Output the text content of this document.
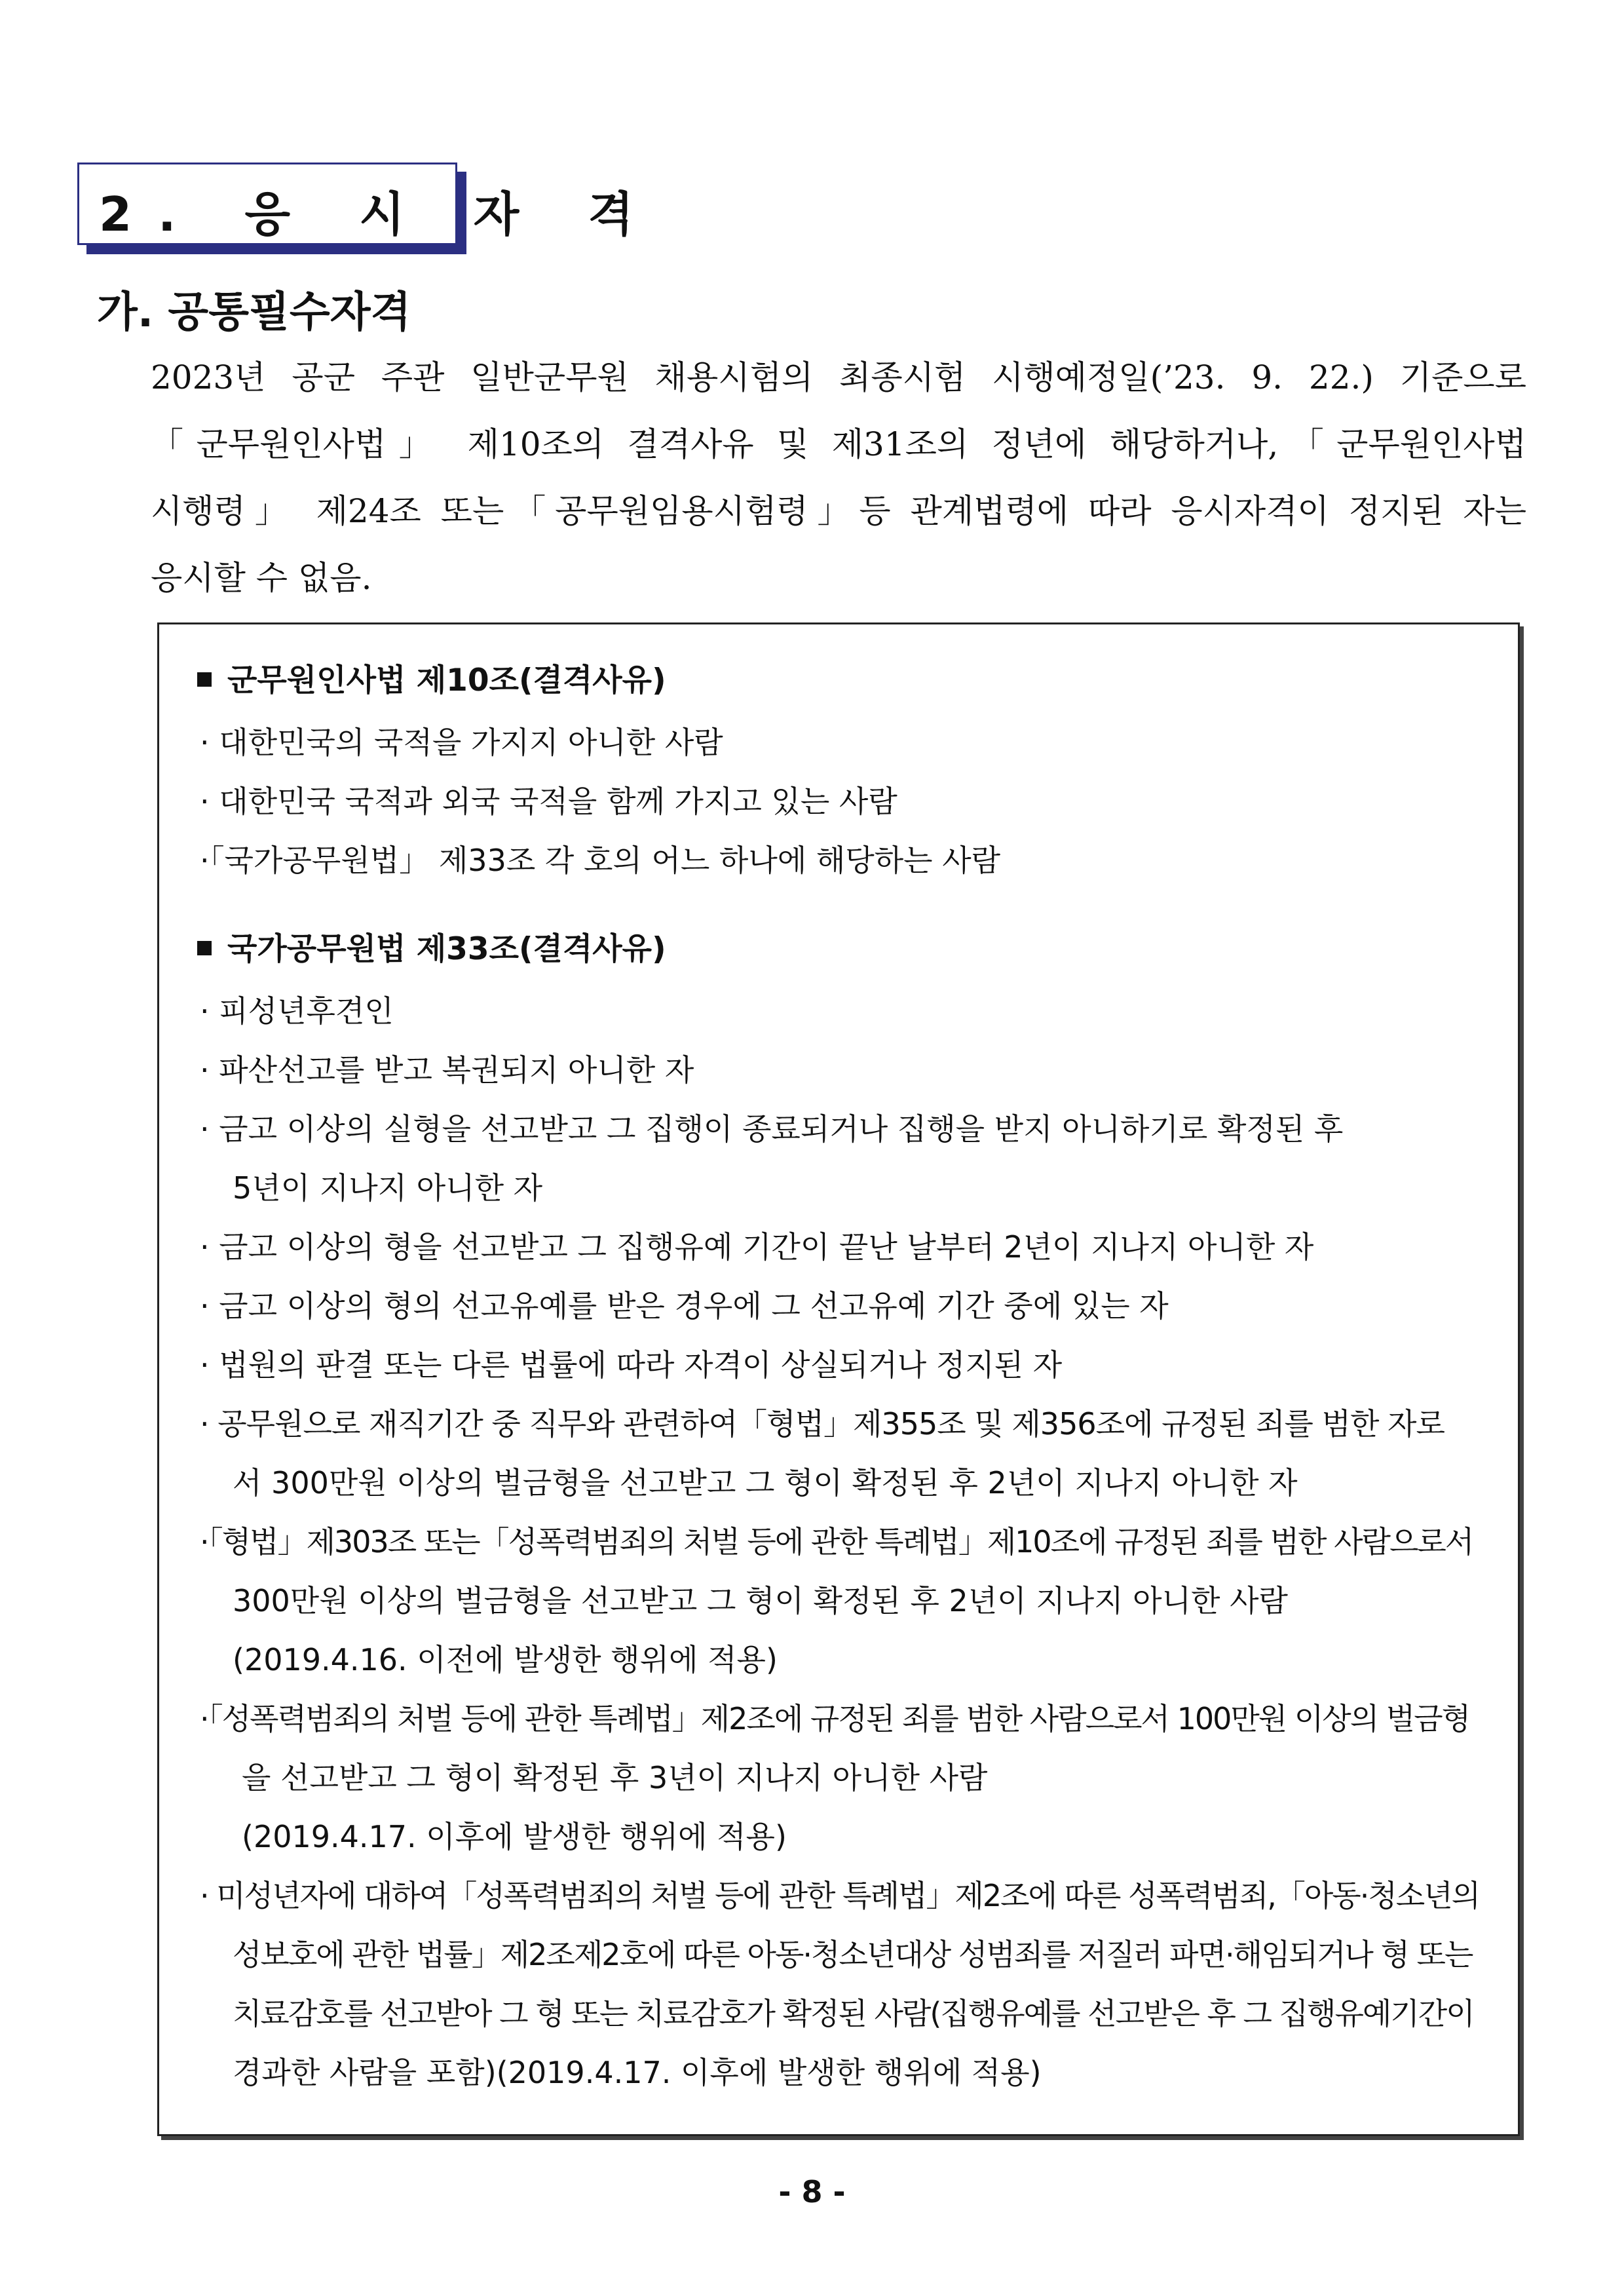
2. 응 시 자 격
가. 공통필수자격
2023년 공군 주관 일반군무원 채용시험의 최종시험 시행예정일(’23. 9. 22.) 기준으로
「군무원인사법」 제10조의 결격사유 및 제31조의 정년에 해당하거나,「군무원인사법
시행령」 제24조 또는「공무원임용시험령」등 관계법령에 따라 응시자격이 정지된 자는
응시할 수 없음.
군무원인사법 제10조(결격사유)
· 대한민국의 국적을 가지지 아니한 사람
· 대한민국 국적과 외국 국적을 함께 가지고 있는 사람
·「국가공무원법」 제33조 각 호의 어느 하나에 해당하는 사람
국가공무원법 제33조(결격사유)
· 피성년후견인
· 파산선고를 받고 복권되지 아니한 자
· 금고 이상의 실형을 선고받고 그 집행이 종료되거나 집행을 받지 아니하기로 확정된 후
5년이 지나지 아니한 자
· 금고 이상의 형을 선고받고 그 집행유예 기간이 끝난 날부터 2년이 지나지 아니한 자
· 금고 이상의 형의 선고유예를 받은 경우에 그 선고유예 기간 중에 있는 자
· 법원의 판결 또는 다른 법률에 따라 자격이 상실되거나 정지된 자
· 공무원으로 재직기간 중 직무와 관련하여「형법」제355조 및 제356조에 규정된 죄를 범한 자로
서 300만원 이상의 벌금형을 선고받고 그 형이 확정된 후 2년이 지나지 아니한 자
·「형법」제303조 또는「성폭력범죄의 처벌 등에 관한 특례법」제10조에 규정된 죄를 범한 사람으로서
300만원 이상의 벌금형을 선고받고 그 형이 확정된 후 2년이 지나지 아니한 사람
(2019.4.16. 이전에 발생한 행위에 적용)
·「성폭력범죄의 처벌 등에 관한 특례법」제2조에 규정된 죄를 범한 사람으로서 100만원 이상의 벌금형
을 선고받고 그 형이 확정된 후 3년이 지나지 아니한 사람
(2019.4.17. 이후에 발생한 행위에 적용)
· 미성년자에 대하여「성폭력범죄의 처벌 등에 관한 특례법」제2조에 따른 성폭력범죄,「아동·청소년의
성보호에 관한 법률」제2조제2호에 따른 아동·청소년대상 성범죄를 저질러 파면·해임되거나 형 또는
치료감호를 선고받아 그 형 또는 치료감호가 확정된 사람(집행유예를 선고받은 후 그 집행유예기간이
경과한 사람을 포함)(2019.4.17. 이후에 발생한 행위에 적용)
- 8 -
